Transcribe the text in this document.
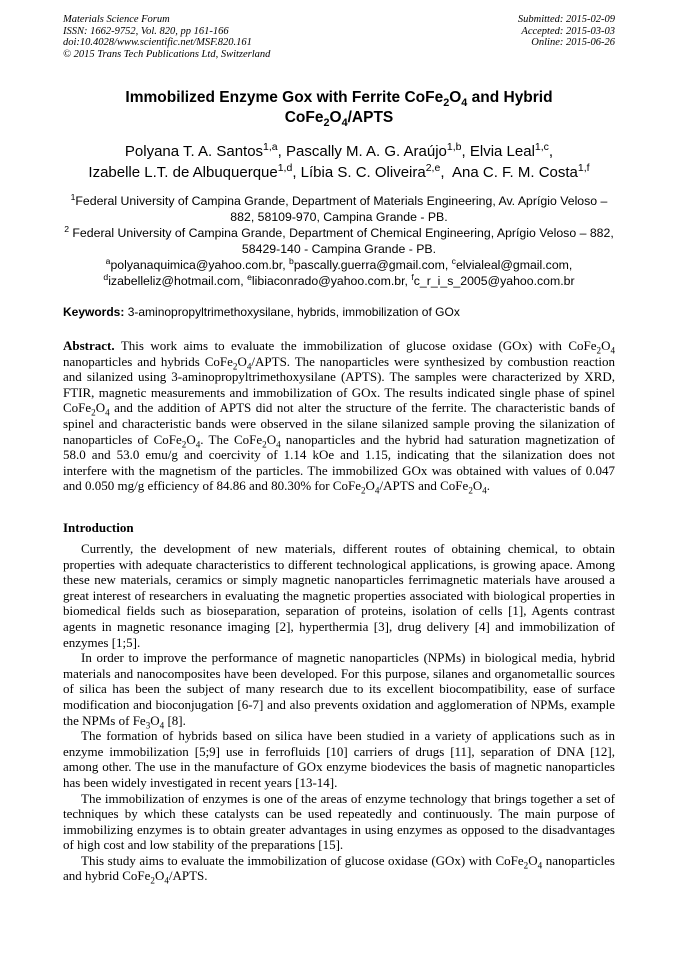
Materials Science Forum
ISSN: 1662-9752, Vol. 820, pp 161-166
doi:10.4028/www.scientific.net/MSF.820.161
© 2015 Trans Tech Publications Ltd, Switzerland
Submitted: 2015-02-09
Accepted: 2015-03-03
Online: 2015-06-26
Immobilized Enzyme Gox with Ferrite $CoFe_2O_4$ and Hybrid
$CoFe_2O_4$/APTS
Polyana T. A. Santos$^{1,a}$, Pascally M. A. G. Araújo$^{1,b}$, Elvia Leal$^{1,c}$,
Izabelle L.T. de Albuquerque$^{1,d}$, Líbia S. C. Oliveira$^{2,e}$,  Ana C. F. M. Costa$^{1,f}$
$^1$Federal University of Campina Grande, Department of Materials Engineering, Av. Aprígio Veloso – 882, 58109-970, Campina Grande - PB.
$^2$ Federal University of Campina Grande, Department of Chemical Engineering, Aprígio Veloso – 882, 58429-140 - Campina Grande - PB.
$^a$polyanaquimica@yahoo.com.br, $^b$pascally.guerra@gmail.com, $^c$elvialeal@gmail.com,
$^d$izabelleliz@hotmail.com, $^e$libiaconrado@yahoo.com.br, $^f$c_r_i_s_2005@yahoo.com.br
Keywords: 3-aminopropyltrimethoxysilane, hybrids, immobilization of GOx
Abstract. This work aims to evaluate the immobilization of glucose oxidase (GOx) with $CoFe_2O_4$ nanoparticles and hybrids $CoFe_2O_4$/APTS. The nanoparticles were synthesized by combustion reaction and silanized using 3-aminopropyltrimethoxysilane (APTS). The samples were characterized by XRD, FTIR, magnetic measurements and immobilization of GOx. The results indicated single phase of spinel $CoFe_2O_4$ and the addition of APTS did not alter the structure of the ferrite. The characteristic bands of spinel and characteristic bands were observed in the silane silanized sample proving the silanization of nanoparticles of $CoFe_2O_4$. The $CoFe_2O_4$ nanoparticles and the hybrid had saturation magnetization of 58.0 and 53.0 emu/g and coercivity of 1.14 kOe and 1.15, indicating that the silanization does not interfere with the magnetism of the particles. The immobilized GOx was obtained with values of 0.047 and 0.050 mg/g efficiency of 84.86 and 80.30% for $CoFe_2O_4$/APTS and $CoFe_2O_4$.
Introduction

Currently, the development of new materials, different routes of obtaining chemical, to obtain properties with adequate characteristics to different technological applications, is growing apace. Among these new materials, ceramics or simply magnetic nanoparticles ferrimagnetic materials have aroused a great interest of researchers in evaluating the magnetic properties associated with biological properties in biomedical fields such as bioseparation, separation of proteins, isolation of cells [1], Agents contrast agents in magnetic resonance imaging [2], hyperthermia [3], drug delivery [4] and immobilization of enzymes [1;5].

In order to improve the performance of magnetic nanoparticles (NPMs) in biological media, hybrid materials and nanocomposites have been developed. For this purpose, silanes and organometallic sources of silica has been the subject of many research due to its excellent biocompatibility, ease of surface modification and bioconjugation [6-7] and also prevents oxidation and agglomeration of NPMs, example the NPMs of $Fe_3O_4$ [8].

The formation of hybrids based on silica have been studied in a variety of applications such as in enzyme immobilization [5;9] use in ferrofluids [10] carriers of drugs [11], separation of DNA [12], among other. The use in the manufacture of GOx enzyme biodevices the basis of magnetic nanoparticles has been widely investigated in recent years [13-14].

The immobilization of enzymes is one of the areas of enzyme technology that brings together a set of techniques by which these catalysts can be used repeatedly and continuously. The main purpose of immobilizing enzymes is to obtain greater advantages in using enzymes as opposed to the disadvantages of high cost and low stability of the preparations [15].

This study aims to evaluate the immobilization of glucose oxidase (GOx) with $CoFe_2O_4$ nanoparticles and hybrid $CoFe_2O_4$/APTS.
